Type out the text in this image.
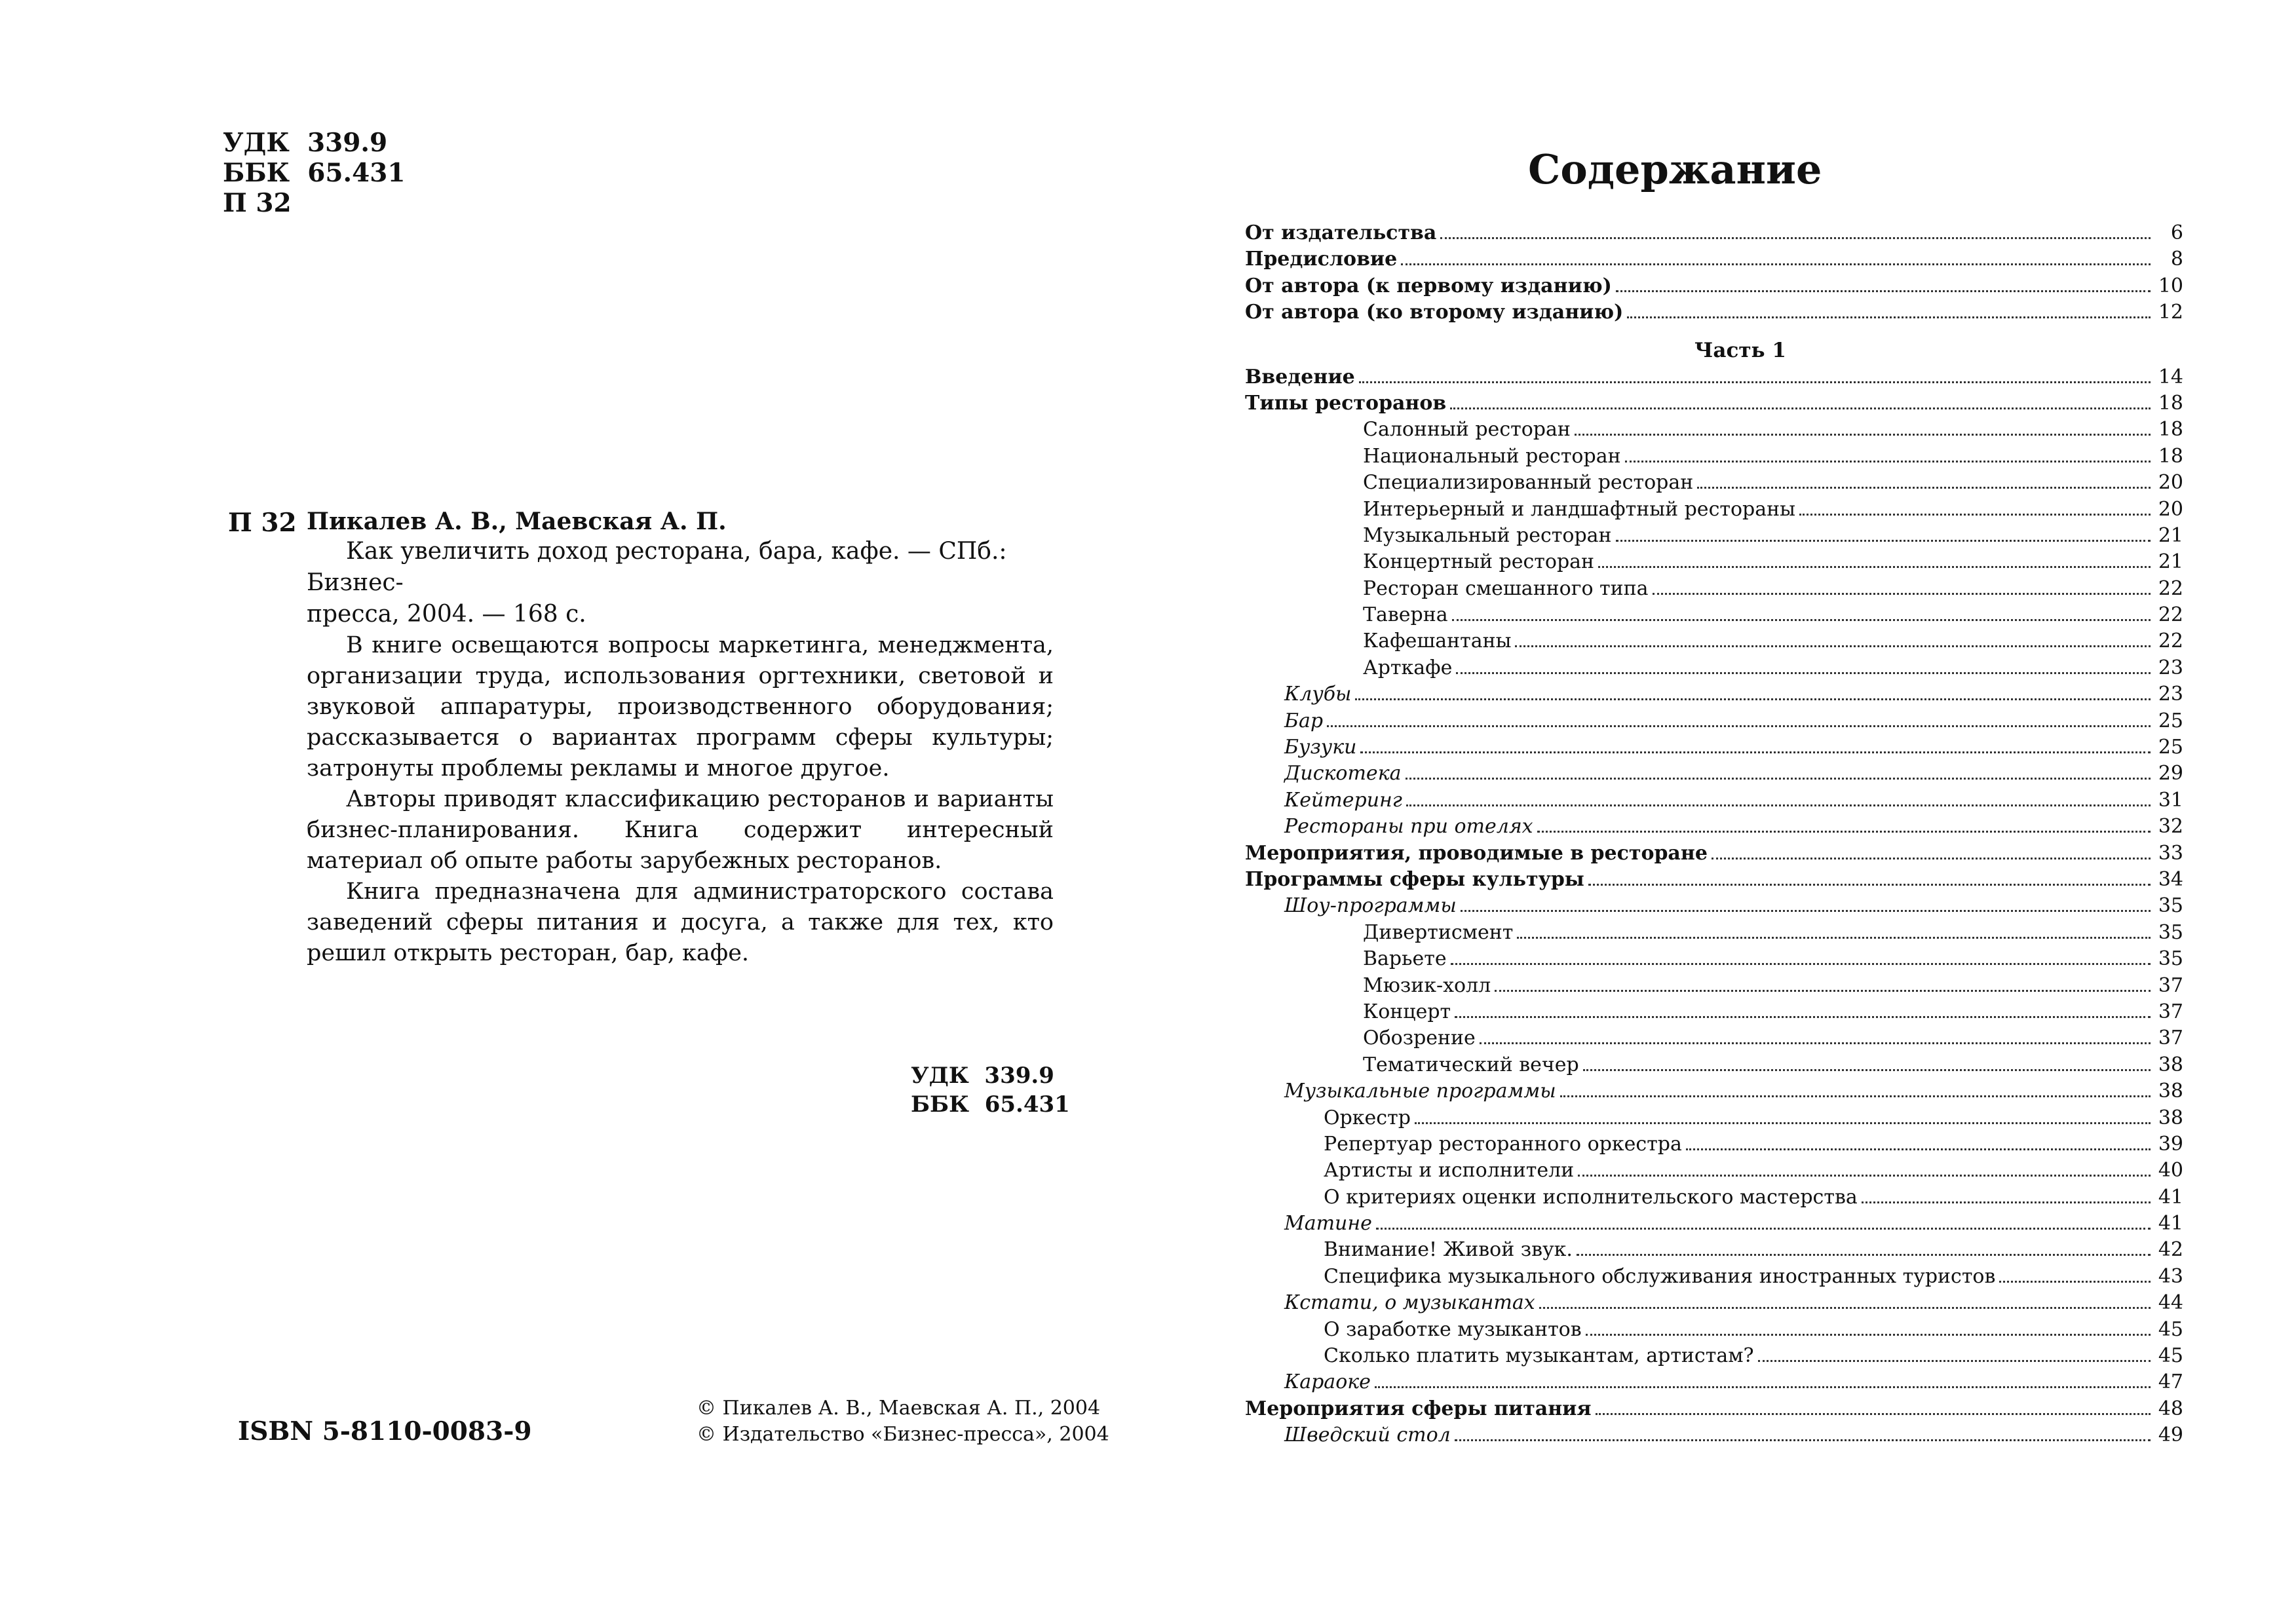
УДК  339.9
ББК  65.431
П 32
П 32 Пикалев А. В., Маевская А. П.
Как увеличить доход ресторана, бара, кафе. — СПб.: Бизнес-
пресса, 2004. — 168 с.

В книге освещаются вопросы маркетинга, менеджмента, организации труда, использования оргтехники, световой и звуковой аппаратуры, производственного оборудования; рассказывается о вариантах программ сферы культуры; затронуты проблемы рекламы и многое другое.

Авторы приводят классификацию ресторанов и варианты бизнес-планирования. Книга содержит интересный материал об опыте работы зарубежных ресторанов.

Книга предназначена для администраторского состава заведений сферы питания и досуга, а также для тех, кто решил открыть ресторан, бар, кафе.

УДК  339.9
ББК  65.431
ISBN 5-8110-0083-9
© Пикалев А. В., Маевская А. П., 2004
© Издательство «Бизнес-пресса», 2004
Содержание
От издательства	6
Предисловие	8
От автора (к первому изданию)	10
От автора (ко второму изданию)	12
Часть 1
Введение	14
Типы ресторанов	18
Салонный ресторан	18
Национальный ресторан	18
Специализированный ресторан	20
Интерьерный и ландшафтный рестораны	20
Музыкальный ресторан	21
Концертный ресторан	21
Ресторан смешанного типа	22
Таверна	22
Кафешантаны	22
Арткафе	23
Клубы	23
Бар	25
Бузуки	25
Дискотека	29
Кейтеринг	31
Рестораны при отелях	32
Мероприятия, проводимые в ресторане	33
Программы сферы культуры	34
Шоу-программы	35
Дивертисмент	35
Варьете	35
Мюзик-холл	37
Концерт	37
Обозрение	37
Тематический вечер	38
Музыкальные программы	38
Оркестр	38
Репертуар ресторанного оркестра	39
Артисты и исполнители	40
О критериях оценки исполнительского мастерства	41
Матине	41
Внимание! Живой звук.	42
Специфика музыкального обслуживания иностранных туристов	43
Кстати, о музыкантах	44
О заработке музыкантов	45
Сколько платить музыкантам, артистам?	45
Караоке	47
Мероприятия сферы питания	48
Шведский стол	49
